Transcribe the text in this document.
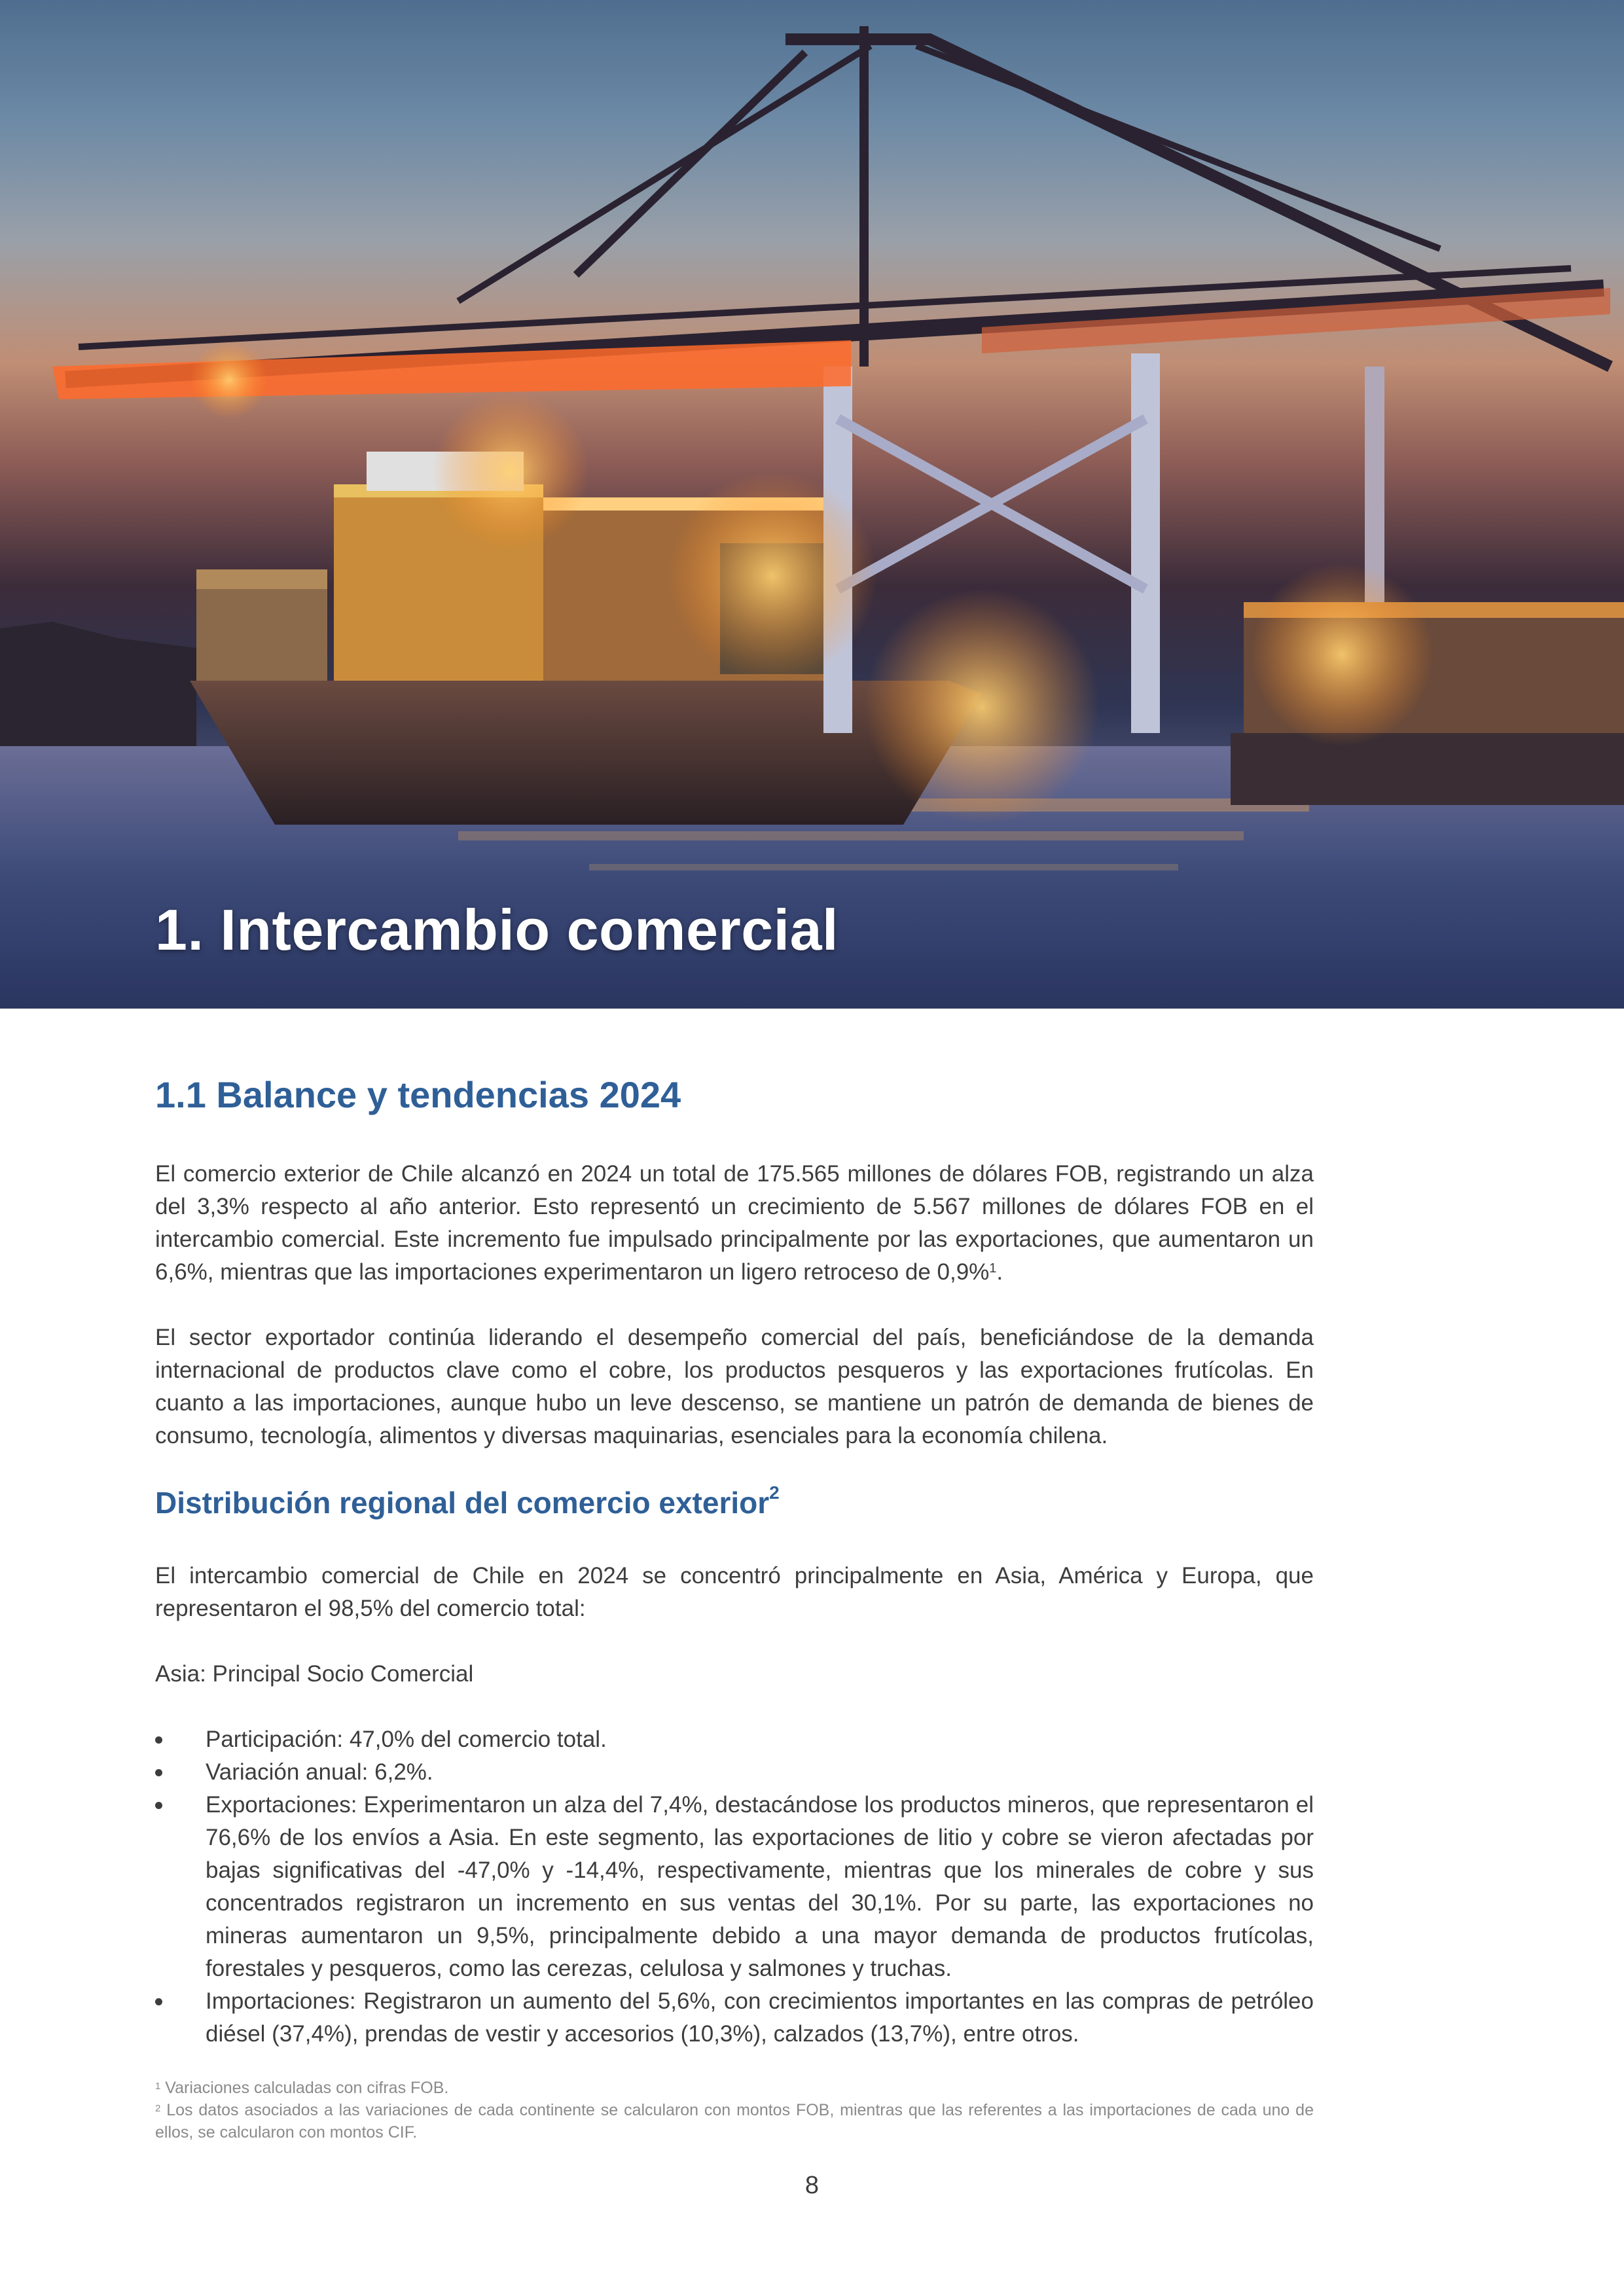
1. Intercambio comercial
1.1 Balance y tendencias 2024

El comercio exterior de Chile alcanzó en 2024 un total de 175.565 millones de dólares FOB, registrando un alza del 3,3% respecto al año anterior. Esto representó un crecimiento de 5.567 millones de dólares FOB en el intercambio comercial. Este incremento fue impulsado principalmente por las exportaciones, que aumentaron un 6,6%, mientras que las importaciones experimentaron un ligero retroceso de 0,9%$^1$.

El sector exportador continúa liderando el desempeño comercial del país, beneficiándose de la demanda internacional de productos clave como el cobre, los productos pesqueros y las exportaciones frutícolas. En cuanto a las importaciones, aunque hubo un leve descenso, se mantiene un patrón de demanda de bienes de consumo, tecnología, alimentos y diversas maquinarias, esenciales para la economía chilena.

Distribución regional del comercio exterior$^2$

El intercambio comercial de Chile en 2024 se concentró principalmente en Asia, América y Europa, que representaron el 98,5% del comercio total:

Asia: Principal Socio Comercial

Participación: 47,0% del comercio total.
Variación anual: 6,2%.
Exportaciones: Experimentaron un alza del 7,4%, destacándose los productos mineros, que representaron el 76,6% de los envíos a Asia. En este segmento, las exportaciones de litio y cobre se vieron afectadas por bajas significativas del -47,0% y -14,4%, respectivamente, mientras que los minerales de cobre y sus concentrados registraron un incremento en sus ventas del 30,1%. Por su parte, las exportaciones no mineras aumentaron un 9,5%, principalmente debido a una mayor demanda de productos frutícolas, forestales y pesqueros, como las cerezas, celulosa y salmones y truchas.
Importaciones: Registraron un aumento del 5,6%, con crecimientos importantes en las compras de petróleo diésel (37,4%), prendas de vestir y accesorios (10,3%), calzados (13,7%), entre otros.

$^1$ Variaciones calculadas con cifras FOB.

$^2$ Los datos asociados a las variaciones de cada continente se calcularon con montos FOB, mientras que las referentes a las importaciones de cada uno de ellos, se calcularon con montos CIF.

8
